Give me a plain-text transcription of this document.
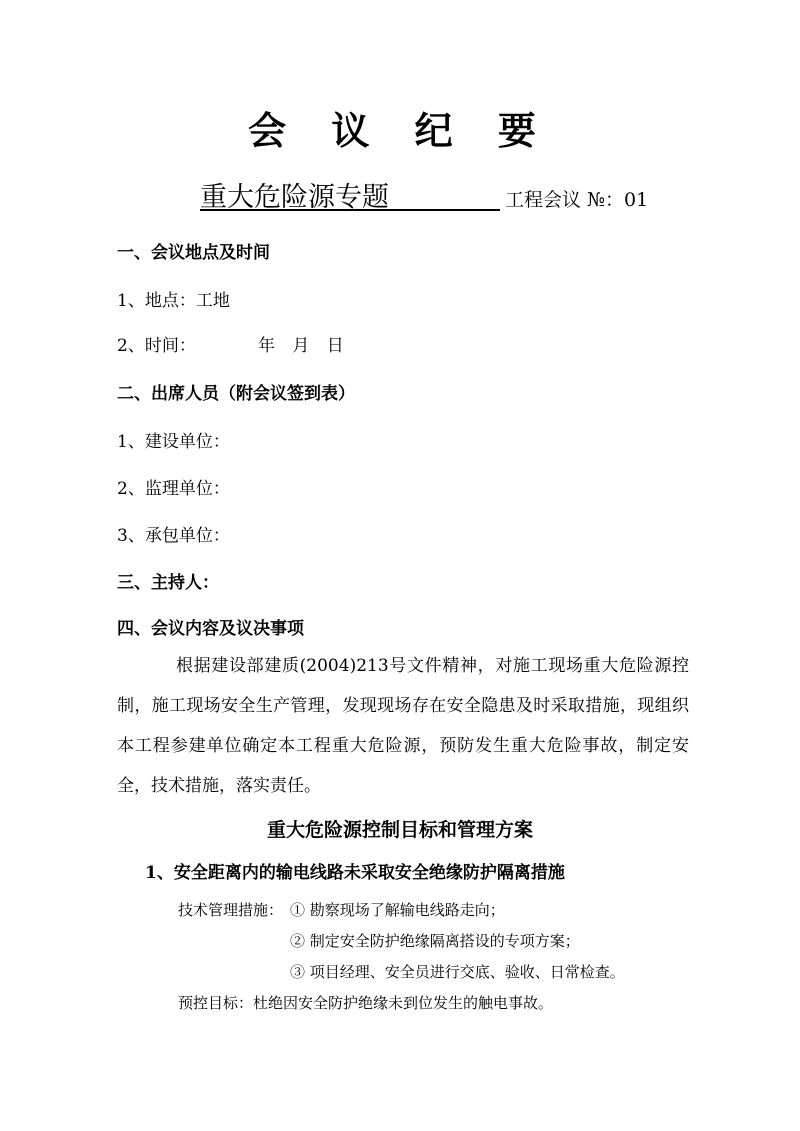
会 议 纪 要
重大危险源专题	工程会议 №：01
一、会议地点及时间
1、地点：工地
2、时间：	年 月 日
二、出席人员（附会议签到表）
1、建设单位：
2、监理单位：
3、承包单位：
三、主持人：
四、会议内容及议决事项
根据建设部建质(2004)213号文件精神，对施工现场重大危险源控制，施工现场安全生产管理，发现现场存在安全隐患及时采取措施，现组织本工程参建单位确定本工程重大危险源，预防发生重大危险事故，制定安全，技术措施，落实责任。
重大危险源控制目标和管理方案
1、安全距离内的输电线路未采取安全绝缘防护隔离措施
技术管理措施： ① 勘察现场了解输电线路走向；
② 制定安全防护绝缘隔离搭设的专项方案；
③ 项目经理、安全员进行交底、验收、日常检查。
预控目标：杜绝因安全防护绝缘未到位发生的触电事故。
